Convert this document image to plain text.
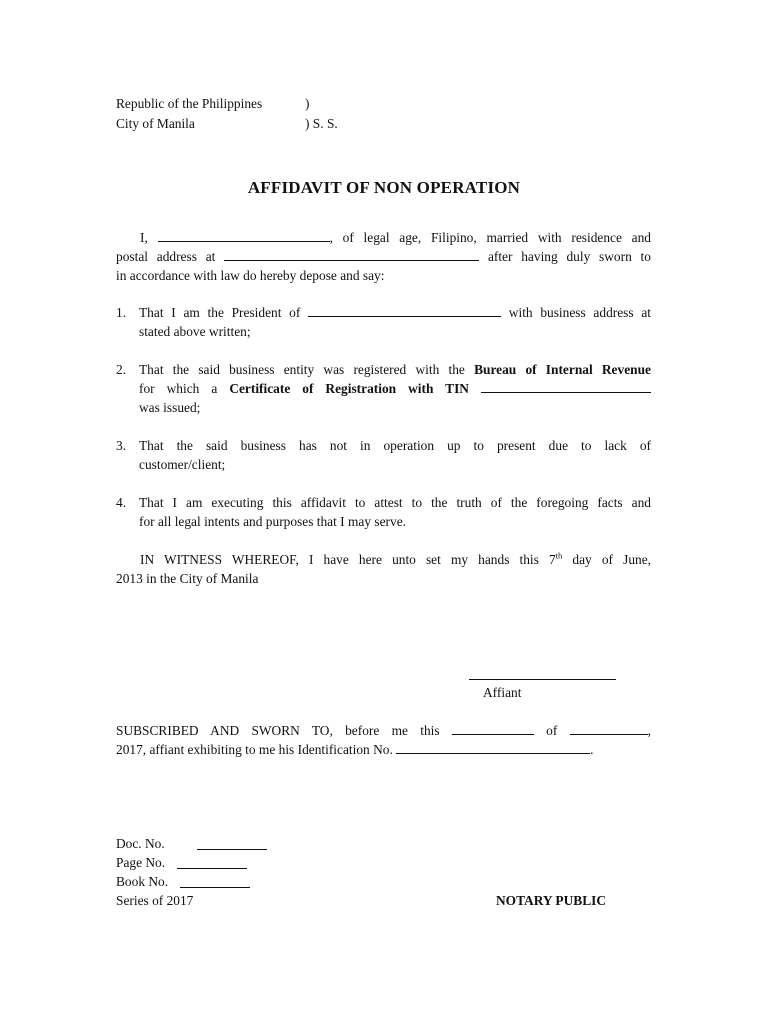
Republic of the Philippines	)
City of Manila	) S. S.
AFFIDAVIT OF NON OPERATION
I,	, of legal age, Filipino, married with residence and
postal address at	after having duly sworn to
in accordance with law do hereby depose and say:
1. That I am the President of	with business address at
stated above written;
2. That the said business entity was registered with the Bureau of Internal Revenue
for which a Certificate of Registration with TIN
was issued;
3. That the said business has not in operation up to present due to lack of
customer/client;
4. That I am executing this affidavit to attest to the truth of the foregoing facts and
for all legal intents and purposes that I may serve.
IN WITNESS WHEREOF, I have here unto set my hands this 7th day of June,
2013 in the City of Manila
Affiant
SUBSCRIBED AND SWORN TO, before me this	of	,
2017, affiant exhibiting to me his Identification No.	.
Doc. No.
Page No.
Book No.
Series of 2017	NOTARY PUBLIC
